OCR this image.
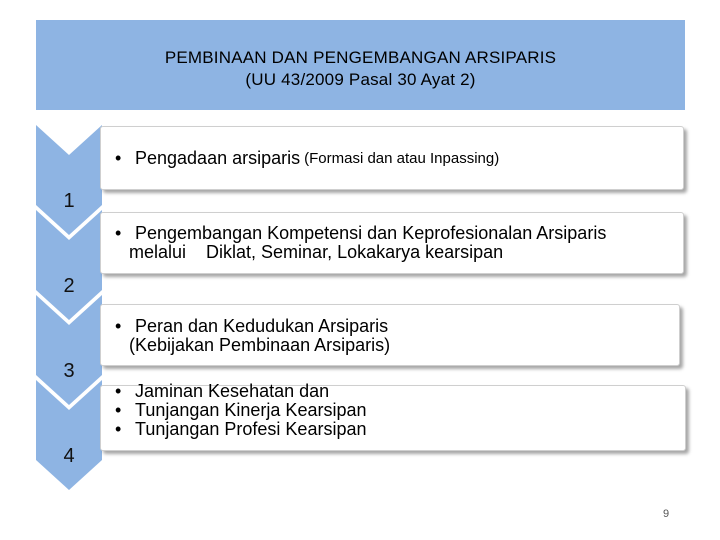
PEMBINAAN DAN PENGEMBANGAN ARSIPARIS
(UU 43/2009 Pasal 30 Ayat 2)
1
2
3
4
• Pengadaan arsiparis (Formasi dan atau Inpassing)
• Pengembangan Kompetensi dan Keprofesionalan Arsiparis
melalui    Diklat, Seminar, Lokakarya kearsipan
• Peran dan Kedudukan Arsiparis
(Kebijakan Pembinaan Arsiparis)
• Jaminan Kesehatan dan
• Tunjangan Kinerja Kearsipan
• Tunjangan Profesi Kearsipan
9
